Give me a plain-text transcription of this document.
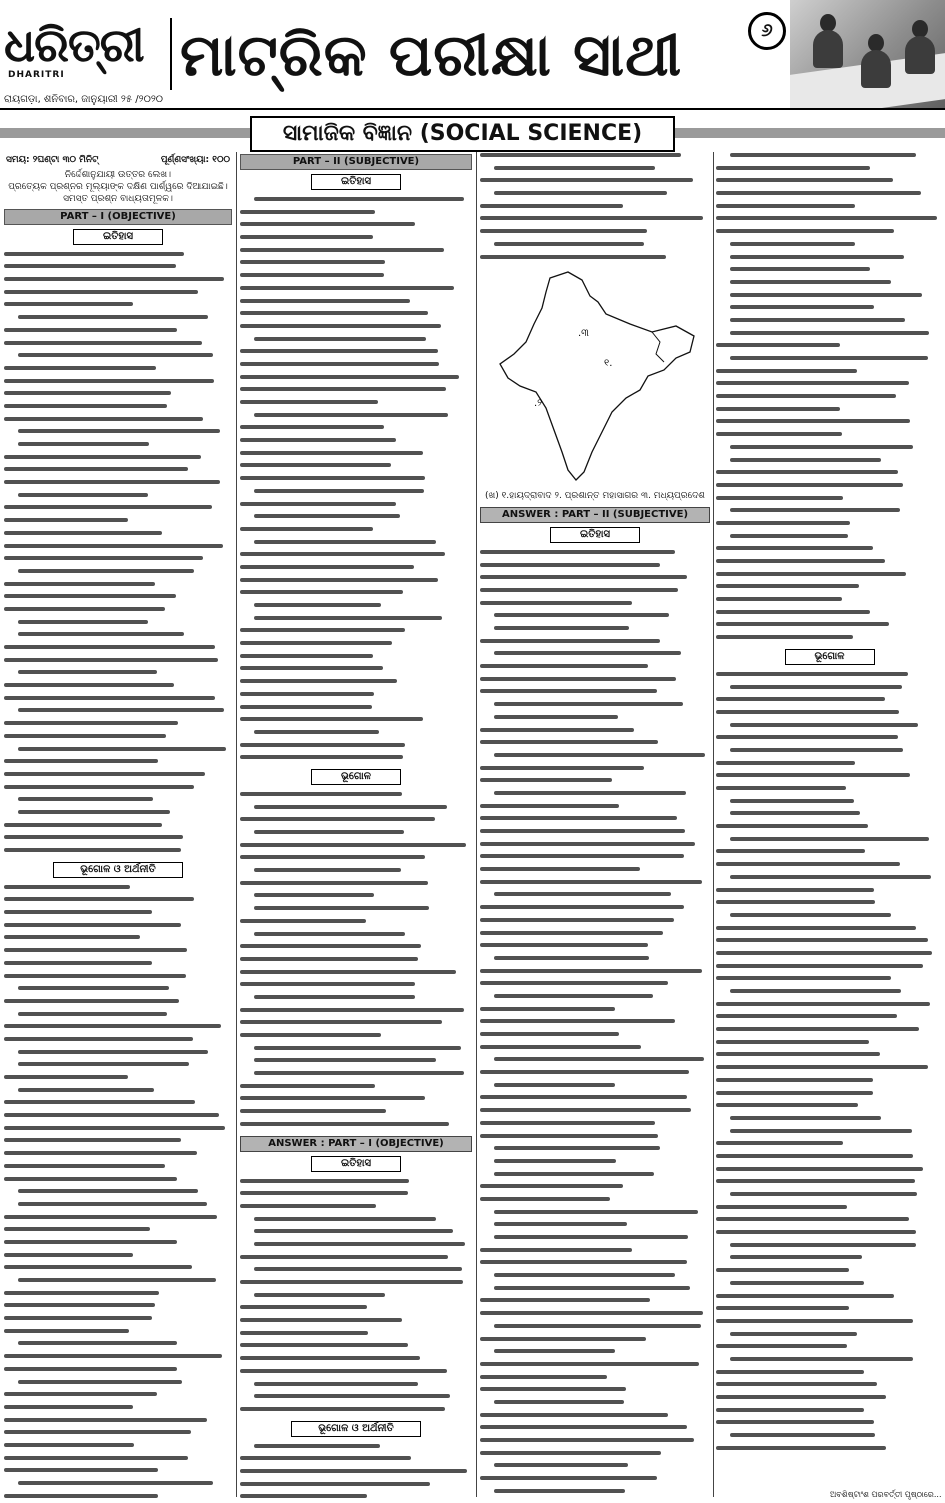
ଧରିତ୍ରୀ
DHARITRI	ମାଟ୍ରିକ ପରୀକ୍ଷା ସାଥୀ	୬
ରାୟଗଡ଼ା, ଶନିବାର, ଜାନୁୟାରୀ ୨୫ /୨୦୨୦
ସାମାଜିକ ବିଜ୍ଞାନ (SOCIAL SCIENCE)
ସମୟ: ୨ଘଣ୍ଟା ୩୦ ମିନିଟ୍	ପୂର୍ଣ୍ଣସଂଖ୍ୟା: ୧୦୦
ନିର୍ଦ୍ଦେଶାନୁଯାୟୀ ଉତ୍ତର ଲେଖ।
ପ୍ରତ୍ୟେକ ପ୍ରଶ୍ନର ମୂଲ୍ୟାଙ୍କ ଦକ୍ଷିଣ ପାର୍ଶ୍ୱରେ ଦିଆଯାଇଛି।
ସମସ୍ତ ପ୍ରଶ୍ନ ବାଧ୍ୟତାମୂଳକ।
PART – I (OBJECTIVE)
ଇତିହାସ
ଭୂଗୋଳ ଓ ଅର୍ଥନୀତି
PART – II (SUBJECTIVE)
ଇତିହାସ
ଭୂଗୋଳ
ANSWER : PART – I (OBJECTIVE)
ଇତିହାସ
ଭୂଗୋଳ ଓ ଅର୍ଥନୀତି
୧.
.୨
.୩
(ଖ) ୧.ହାୟଦ୍ରାବାଦ ୨. ପ୍ରଶାନ୍ତ ମହାସାଗର ୩. ମଧ୍ୟପ୍ରଦେଶ
ANSWER : PART – II (SUBJECTIVE)
ଇତିହାସ
ଭୂଗୋଳ
ଅବଶିଷ୍ଟାଂଶ ପରବର୍ତ୍ତୀ ପୃଷ୍ଠାରେ...
